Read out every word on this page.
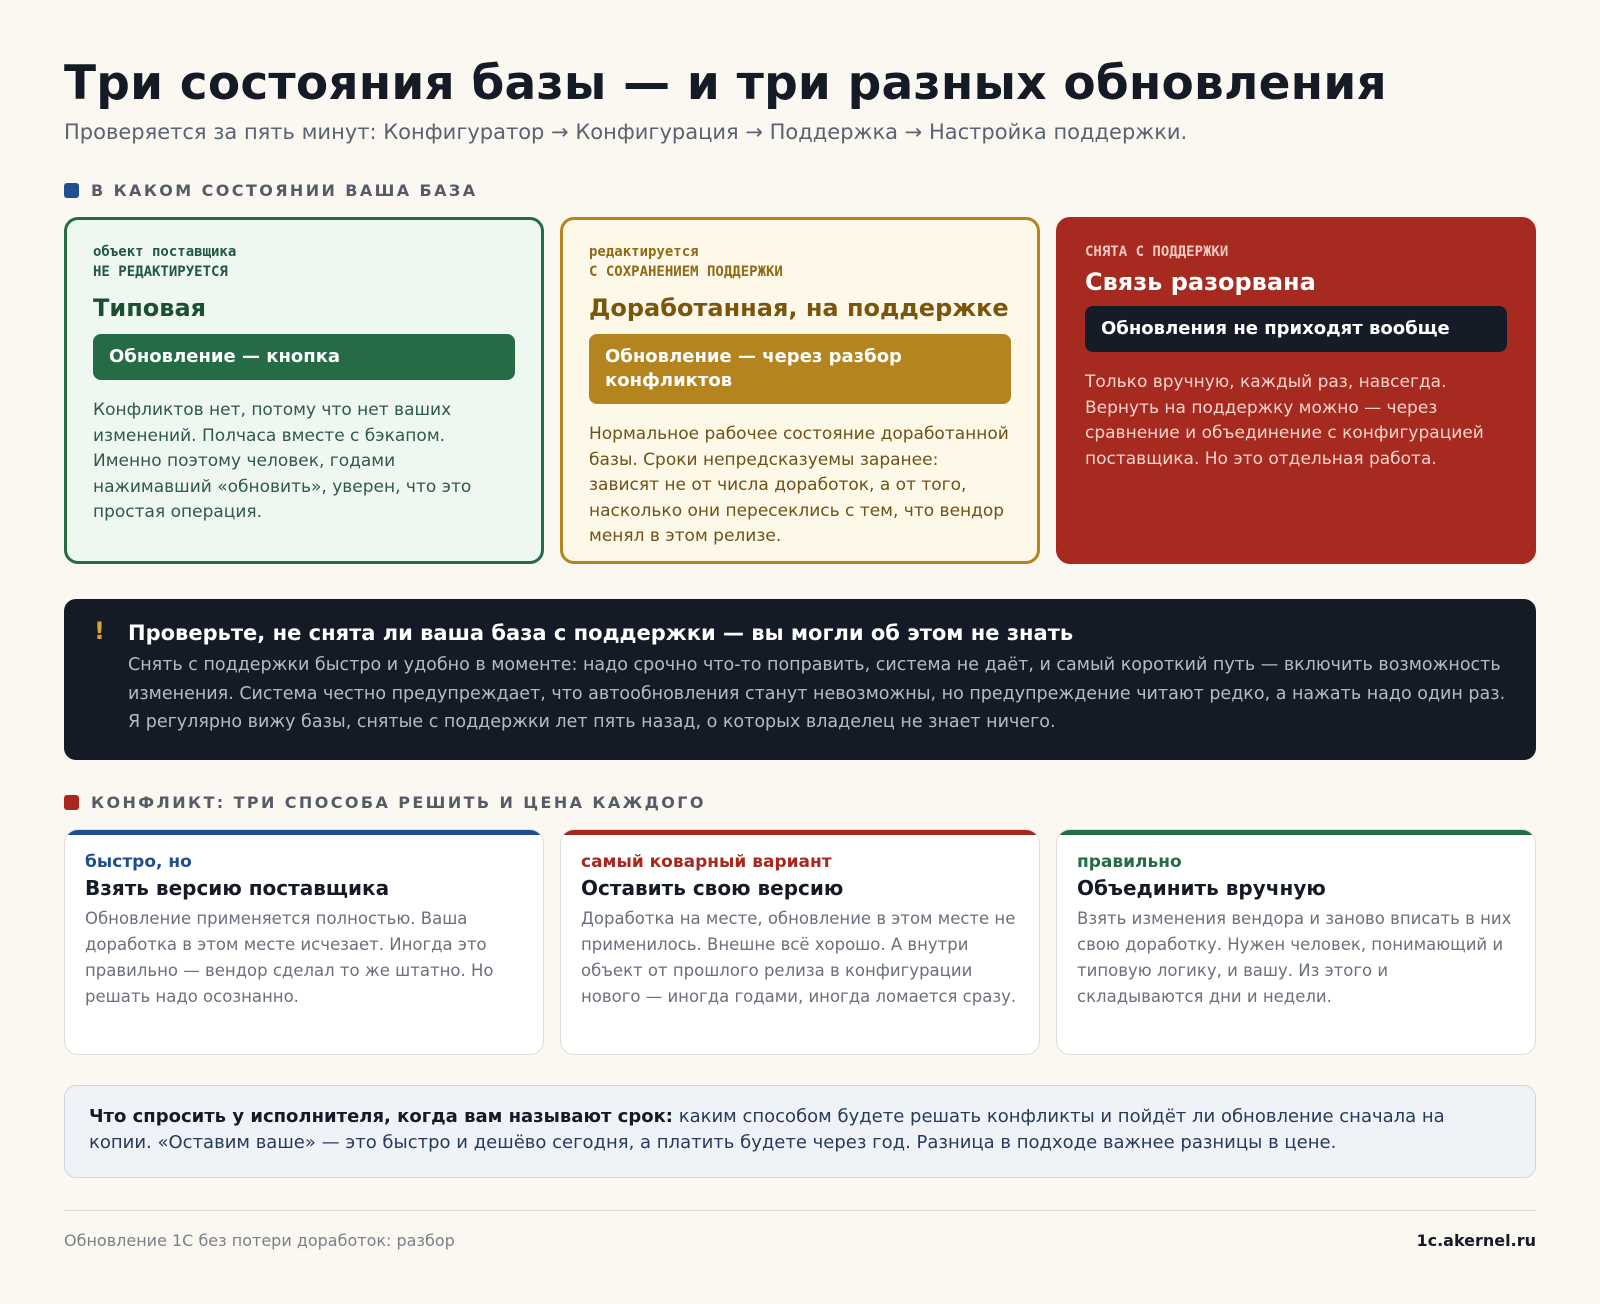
Три состояния базы — и три разных обновления
Проверяется за пять минут: Конфигуратор → Конфигурация → Поддержка → Настройка поддержки.
В КАКОМ СОСТОЯНИИ ВАША БАЗА
объект поставщика
НЕ РЕДАКТИРУЕТСЯ
Типовая
Обновление — кнопка
Конфликтов нет, потому что нет ваших изменений. Полчаса вместе с бэкапом. Именно поэтому человек, годами нажимавший «обновить», уверен, что это простая операция.
редактируется
С СОХРАНЕНИЕМ ПОДДЕРЖКИ
Доработанная, на поддержке
Обновление — через разбор конфликтов
Нормальное рабочее состояние доработанной базы. Сроки непредсказуемы заранее: зависят не от числа доработок, а от того, насколько они пересеклись с тем, что вендор менял в этом релизе.
СНЯТА С ПОДДЕРЖКИ
Связь разорвана
Обновления не приходят вообще
Только вручную, каждый раз, навсегда. Вернуть на поддержку можно — через сравнение и объединение с конфигурацией поставщика. Но это отдельная работа.
! Проверьте, не снята ли ваша база с поддержки — вы могли об этом не знать
Снять с поддержки быстро и удобно в моменте: надо срочно что-то поправить, система не даёт, и самый короткий путь — включить возможность изменения. Система честно предупреждает, что автообновления станут невозможны, но предупреждение читают редко, а нажать надо один раз. Я регулярно вижу базы, снятые с поддержки лет пять назад, о которых владелец не знает ничего.
КОНФЛИКТ: ТРИ СПОСОБА РЕШИТЬ И ЦЕНА КАЖДОГО
быстро, но
Взять версию поставщика
Обновление применяется полностью. Ваша доработка в этом месте исчезает. Иногда это правильно — вендор сделал то же штатно. Но решать надо осознанно.
самый коварный вариант
Оставить свою версию
Доработка на месте, обновление в этом месте не применилось. Внешне всё хорошо. А внутри объект от прошлого релиза в конфигурации нового — иногда годами, иногда ломается сразу.
правильно
Объединить вручную
Взять изменения вендора и заново вписать в них свою доработку. Нужен человек, понимающий и типовую логику, и вашу. Из этого и складываются дни и недели.
Что спросить у исполнителя, когда вам называют срок: каким способом будете решать конфликты и пойдёт ли обновление сначала на копии. «Оставим ваше» — это быстро и дешёво сегодня, а платить будете через год. Разница в подходе важнее разницы в цене.
Обновление 1С без потери доработок: разбор	1c.akernel.ru
